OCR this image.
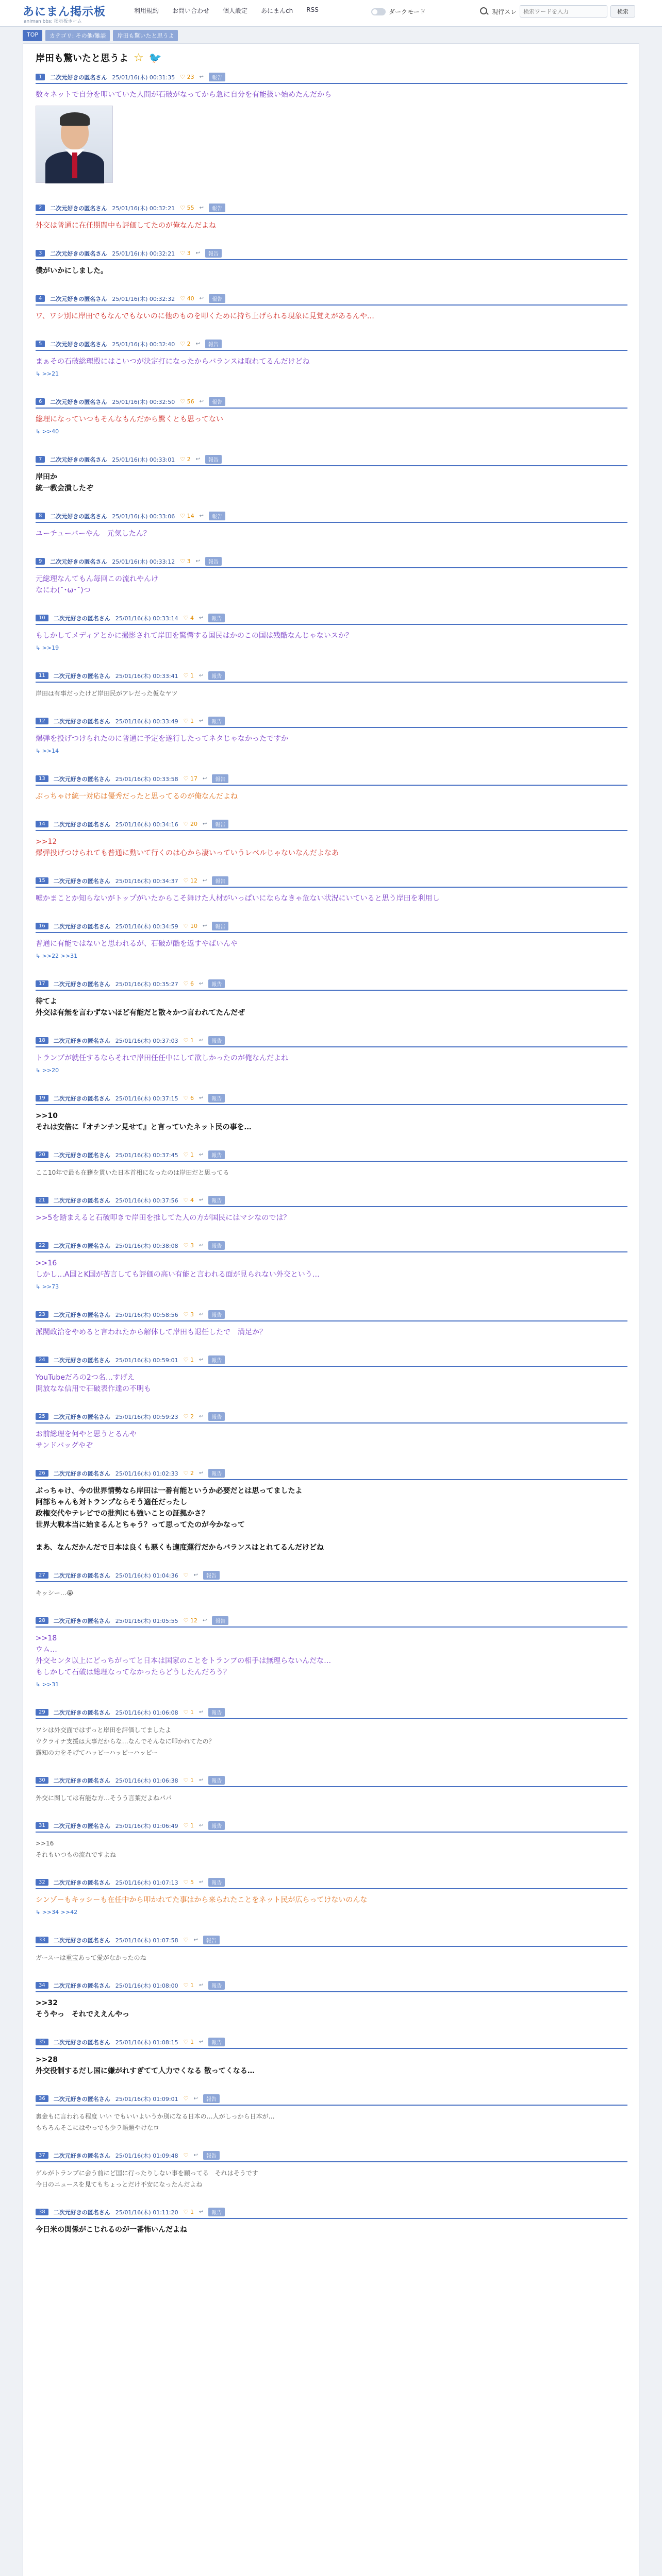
あにまん掲示板
animan bbs: 掲示板ホーム
利用規約 お問い合わせ 個人設定 あにまんch RSS	ダークモード	現行スレ
検索ワードを入力	検索
TOP	カテゴリ: その他/雑談	岸田も驚いたと思うよ
岸田も驚いたと思うよ ☆ 🐦
1	二次元好きの匿名さん 25/01/16(木) 00:31:35 ♡ 23 ↩	報告
数々ネットで自分を叩いていた人間が石破がなってから急に自分を有能扱い始めたんだから
2	二次元好きの匿名さん 25/01/16(木) 00:32:21 ♡ 55 ↩	報告
外交は普通に在任期間中も評価してたのが俺なんだよね
3	二次元好きの匿名さん 25/01/16(木) 00:32:21 ♡ 3 ↩	報告
僕がいかにしました。
4	二次元好きの匿名さん 25/01/16(木) 00:32:32 ♡ 40 ↩	報告
ワ、ワシ別に岸田でもなんでもないのに他のものを叩くために持ち上げられる現象に見覚えがあるんや…
5	二次元好きの匿名さん 25/01/16(木) 00:32:40 ♡ 2 ↩	報告
まぁその石破総理殿にはこいつが決定打になったからバランスは取れてるんだけどね
↳ >>21
6	二次元好きの匿名さん 25/01/16(木) 00:32:50 ♡ 56 ↩	報告
総理になっていつもそんなもんだから驚くとも思ってない
↳ >>40
7	二次元好きの匿名さん 25/01/16(木) 00:33:01 ♡ 2 ↩	報告
岸田か
統一教会潰したぞ
8	二次元好きの匿名さん 25/01/16(木) 00:33:06 ♡ 14 ↩	報告
ユーチューバーやん　元気したん？
9	二次元好きの匿名さん 25/01/16(木) 00:33:12 ♡ 3 ↩	報告
元総理なんてもん毎回この流れやんけ
なにわ(˘･ω･˘)つ
10	二次元好きの匿名さん 25/01/16(木) 00:33:14 ♡ 4 ↩	報告
もしかしてメディアとかに撮影されて岸田を驚愕する国民はかのこの国は残酷なんじゃないスか？
↳ >>19
11	二次元好きの匿名さん 25/01/16(木) 00:33:41 ♡ 1 ↩	報告
岸田は有事だったけど岸田民がアレだった仮なヤツ
12	二次元好きの匿名さん 25/01/16(木) 00:33:49 ♡ 1 ↩	報告
爆弾を投げつけられたのに普通に予定を遂行したってネタじゃなかったですか
↳ >>14
13	二次元好きの匿名さん 25/01/16(木) 00:33:58 ♡ 17 ↩	報告
ぶっちゃけ統一対応は優秀だったと思ってるのが俺なんだよね
14	二次元好きの匿名さん 25/01/16(木) 00:34:16 ♡ 20 ↩	報告
>>12
爆弾投げつけられても普通に動いて行くのは心から凄いっていうレベルじゃないなんだよなあ
15	二次元好きの匿名さん 25/01/16(木) 00:34:37 ♡ 12 ↩	報告
嘘かまことか知らないがトップがいたからこそ舞けた人材がいっぱいにならなきゃ危ない状況にいていると思う岸田を利用し
16	二次元好きの匿名さん 25/01/16(木) 00:34:59 ♡ 10 ↩	報告
普通に有能ではないと思われるが、石破が酷を返すやばいんや
↳ >>22 >>31
17	二次元好きの匿名さん 25/01/16(木) 00:35:27 ♡ 6 ↩	報告
待てよ
外交は有無を言わずないほど有能だと散々かつ言われてたんだぜ
18	二次元好きの匿名さん 25/01/16(木) 00:37:03 ♡ 1 ↩	報告
トランプが就任するならそれで岸田任任中にして欲しかったのが俺なんだよね
↳ >>20
19	二次元好きの匿名さん 25/01/16(木) 00:37:15 ♡ 6 ↩	報告
>>10
それは安倍に『オチンチン見せて』と言っていたネット民の事を…
20	二次元好きの匿名さん 25/01/16(木) 00:37:45 ♡ 1 ↩	報告
ここ10年で最も在籍を貫いた日本首相になったのは岸田だと思ってる
21	二次元好きの匿名さん 25/01/16(木) 00:37:56 ♡ 4 ↩	報告
>>5を踏まえると石破叩きで岸田を推してた人の方が国民にはマシなのでは？
22	二次元好きの匿名さん 25/01/16(木) 00:38:08 ♡ 3 ↩	報告
>>16
しかし…A国とK国が苦言しても評価の高い有能と言われる面が見られない外交という…
↳ >>73
23	二次元好きの匿名さん 25/01/16(木) 00:58:56 ♡ 3 ↩	報告
派閥政治をやめると言われたから解体して岸田も退任したで　満足か？
24	二次元好きの匿名さん 25/01/16(木) 00:59:01 ♡ 1 ↩	報告
YouTubeだろの2つ名…すげえ
開放なな信用で石破表作達の不明も
25	二次元好きの匿名さん 25/01/16(木) 00:59:23 ♡ 2 ↩	報告
お前総理を何やと思うとるんや
サンドバッグやぞ
26	二次元好きの匿名さん 25/01/16(木) 01:02:33 ♡ 2 ↩	報告
ぶっちゃけ、今の世界情勢なら岸田は一番有能というか必要だとは思ってましたよ
阿部ちゃんも対トランプならそう適任だったし
政権交代やテレビでの批判にも強いことの証拠かさ？
世界大戦本当に始まるんとちゃう？って思ってたのが今かなって

まあ、なんだかんだで日本は良くも悪くも適度運行だからバランスはとれてるんだけどね
27	二次元好きの匿名さん 25/01/16(木) 01:04:36 ♡ ↩	報告
キッシー…😭
28	二次元好きの匿名さん 25/01/16(木) 01:05:55 ♡ 12 ↩	報告
>>18
ウム…
外交センタ以上にどっちがってと日本は国家のことをトランプの相手は無理らないんだな…
もしかして石破は総理なってなかったらどうしたんだろう？
↳ >>31
29	二次元好きの匿名さん 25/01/16(木) 01:06:08 ♡ 1 ↩	報告
ワシは外交面ではずっと岸田を評価してましたよ
ウクライナ支援は大事だからな…なんでそんなに叩かれてたの？
露知の力をそげてハッピーハッピーハッピー
30	二次元好きの匿名さん 25/01/16(木) 01:06:38 ♡ 1 ↩	報告
外交に関しては有能な方…そうう言葉だよねパパ
31	二次元好きの匿名さん 25/01/16(木) 01:06:49 ♡ 1 ↩	報告
>>16
それもいつもの流れですよね
32	二次元好きの匿名さん 25/01/16(木) 01:07:13 ♡ 5 ↩	報告
シンゾーもキッシーも在任中から叩かれてた事はから来られたことをネット民が広らってけないのんな
↳ >>34 >>42
33	二次元好きの匿名さん 25/01/16(木) 01:07:58 ♡ ↩	報告
ガースーは重宝あって愛がなかったのね
34	二次元好きの匿名さん 25/01/16(木) 01:08:00 ♡ 1 ↩	報告
>>32
そうやっ　それでええんやっ
35	二次元好きの匿名さん 25/01/16(木) 01:08:15 ♡ 1 ↩	報告
>>28
外交役制するだし国に嫌がれすぎてて人力でくなる 散ってくなる…
36	二次元好きの匿名さん 25/01/16(木) 01:09:01 ♡ ↩	報告
裏金もに言われる程度 いい でもいいよいうか別になる日本の…人がしっから日本が…
もちろんそこにはやっでも少ラ語題やけなロ
37	二次元好きの匿名さん 25/01/16(木) 01:09:48 ♡ ↩	報告
ゲルがトランプに会う前にど国に行ったりしない事を願ってる　それはそうです
今日のニュースを見てもちょっとだけ不安になったんだよね
38	二次元好きの匿名さん 25/01/16(木) 01:11:20 ♡ 1 ↩	報告
今日米の関係がこじれるのが一番怖いんだよね
